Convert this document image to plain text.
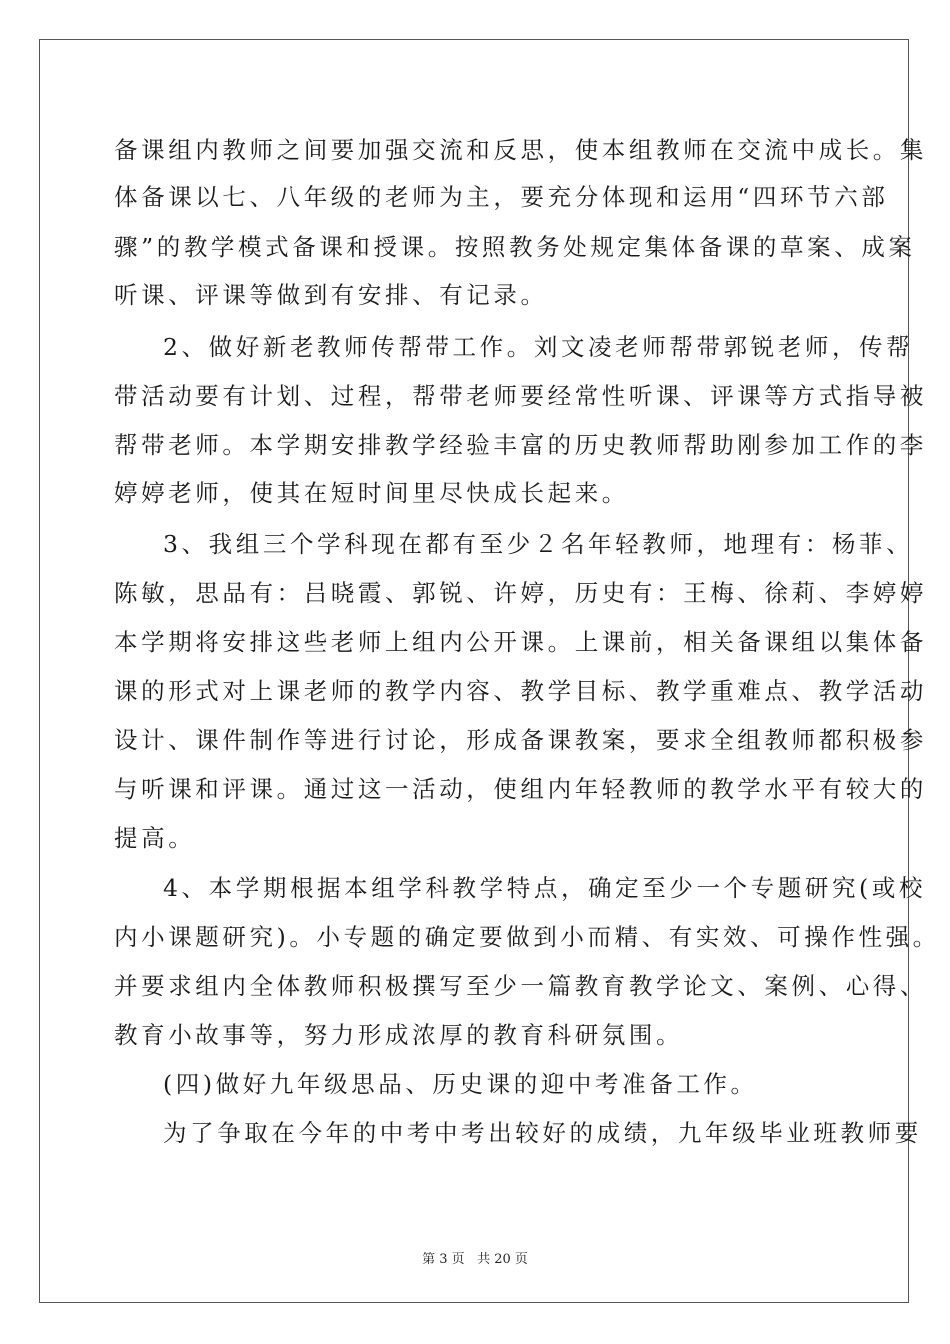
备课组内教师之间要加强交流和反思，使本组教师在交流中成长。集
体备课以七、八年级的老师为主，要充分体现和运用“四环节六部
骤”的教学模式备课和授课。按照教务处规定集体备课的草案、成案
听课、评课等做到有安排、有记录。
2、做好新老教师传帮带工作。刘文凌老师帮带郭锐老师，传帮
带活动要有计划、过程，帮带老师要经常性听课、评课等方式指导被
帮带老师。本学期安排教学经验丰富的历史教师帮助刚参加工作的李
婷婷老师，使其在短时间里尽快成长起来。
3、我组三个学科现在都有至少２名年轻教师，地理有：杨菲、
陈敏，思品有：吕晓霞、郭锐、许婷，历史有：王梅、徐莉、李婷婷
本学期将安排这些老师上组内公开课。上课前，相关备课组以集体备
课的形式对上课老师的教学内容、教学目标、教学重难点、教学活动
设计、课件制作等进行讨论，形成备课教案，要求全组教师都积极参
与听课和评课。通过这一活动，使组内年轻教师的教学水平有较大的
提高。
4、本学期根据本组学科教学特点，确定至少一个专题研究(或校
内小课题研究)。小专题的确定要做到小而精、有实效、可操作性强。
并要求组内全体教师积极撰写至少一篇教育教学论文、案例、心得、
教育小故事等，努力形成浓厚的教育科研氛围。
(四)做好九年级思品、历史课的迎中考准备工作。
为了争取在今年的中考中考出较好的成绩，九年级毕业班教师要
第 3 页 共 20 页
